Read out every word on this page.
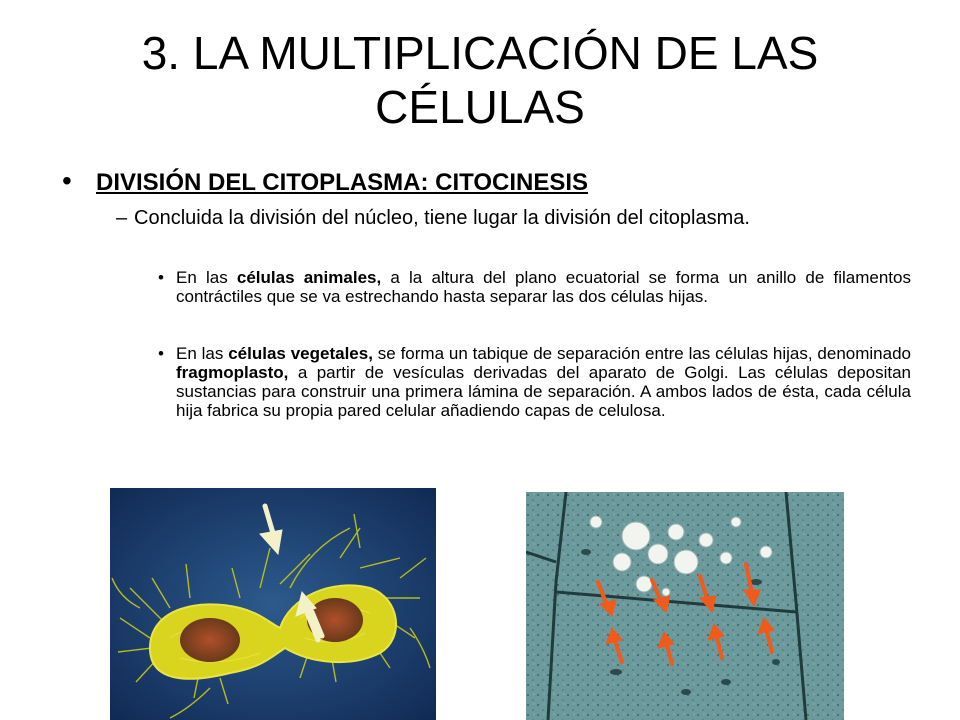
3. LA MULTIPLICACIÓN DE LAS CÉLULAS
• DIVISIÓN DEL CITOPLASMA: CITOCINESIS
– Concluida la división del núcleo, tiene lugar la división del citoplasma.
• En las células animales, a la altura del plano ecuatorial se forma un anillo de filamentos contráctiles que se va estrechando hasta separar las dos células hijas.
• En las células vegetales, se forma un tabique de separación entre las células hijas, denominado fragmoplasto, a partir de vesículas derivadas del aparato de Golgi. Las células depositan sustancias para construir una primera lámina de separación. A ambos lados de ésta, cada célula hija fabrica su propia pared celular añadiendo capas de celulosa.
